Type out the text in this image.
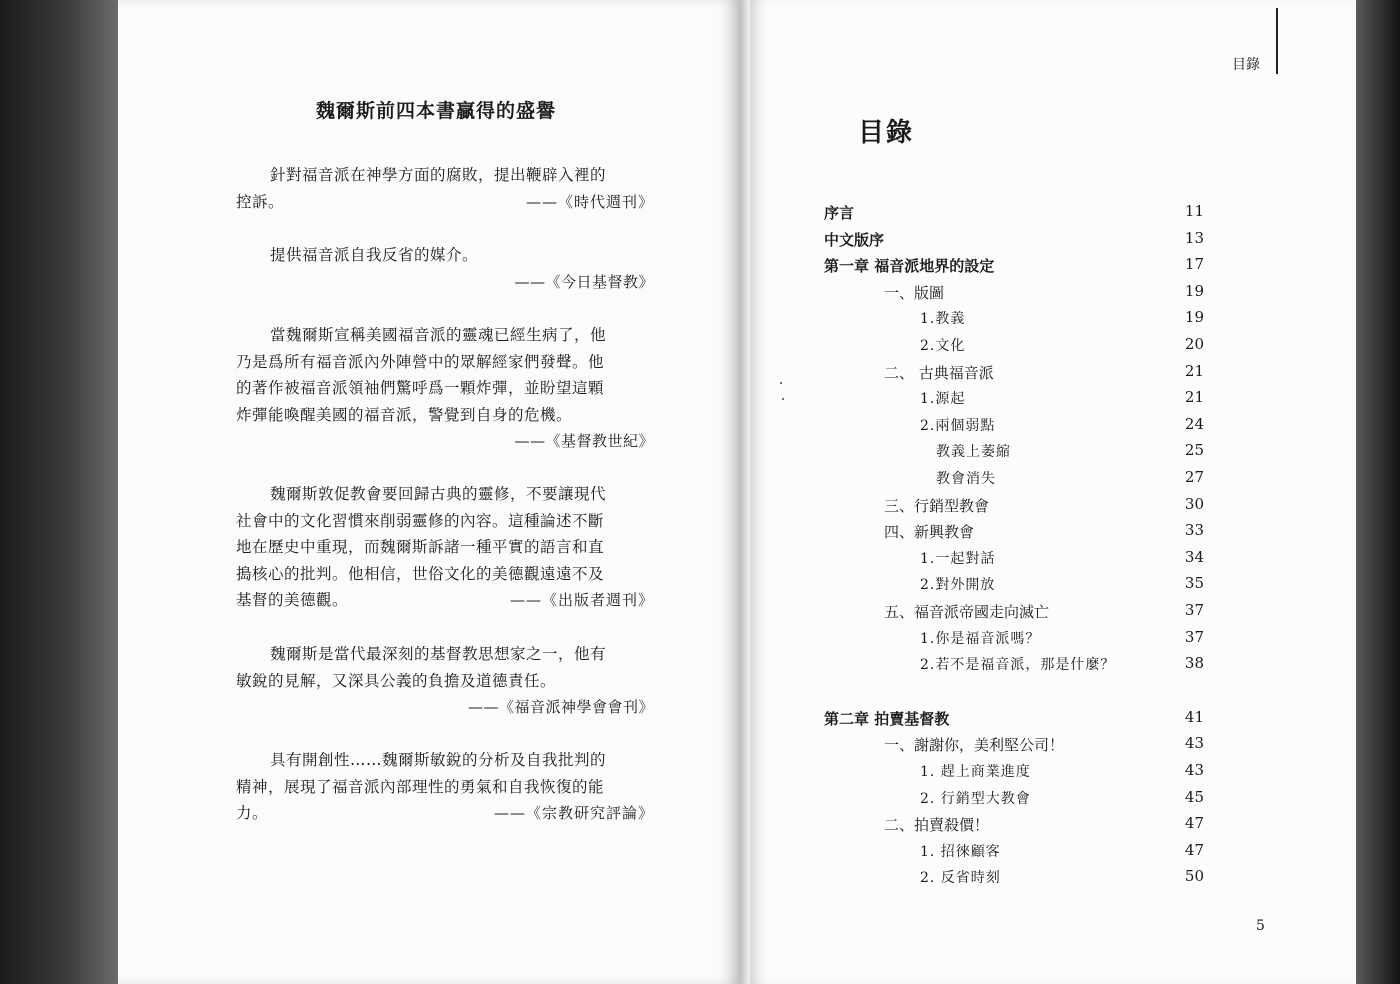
魏爾斯前四本書贏得的盛譽
針對福音派在神學方面的腐敗，提出鞭辟入裡的
控訴。	——《時代週刊》
提供福音派自我反省的媒介。
——《今日基督教》
當魏爾斯宣稱美國福音派的靈魂已經生病了，他
乃是爲所有福音派內外陣營中的眾解經家們發聲。他
的著作被福音派領袖們驚呼爲一顆炸彈，並盼望這顆
炸彈能喚醒美國的福音派，警覺到自身的危機。
——《基督教世紀》
魏爾斯敦促教會要回歸古典的靈修，不要讓現代
社會中的文化習慣來削弱靈修的內容。這種論述不斷
地在歷史中重現，而魏爾斯訴諸一種平實的語言和直
搗核心的批判。他相信，世俗文化的美德觀遠遠不及
基督的美德觀。	——《出版者週刊》
魏爾斯是當代最深刻的基督教思想家之一，他有
敏銳的見解，又深具公義的負擔及道德責任。
——《福音派神學會會刊》
具有開創性……魏爾斯敏銳的分析及自我批判的
精神，展現了福音派內部理性的勇氣和自我恢復的能
力。	——《宗教研究評論》
目錄
目錄
序言	11
中文版序	13
第一章 福音派地界的設定	17
一、版圖	19
1.教義	19
2.文化	20
二、 古典福音派	21
1.源起	21
2.兩個弱點	24
教義上萎縮	25
教會消失	27
三、行銷型教會	30
四、新興教會	33
1.一起對話	34
2.對外開放	35
五、福音派帝國走向滅亡	37
1.你是福音派嗎？	37
2.若不是福音派，那是什麼？	38
第二章 拍賣基督教	41
一、謝謝你，美利堅公司！	43
1. 趕上商業進度	43
2. 行銷型大教會	45
二、拍賣殺價！	47
1. 招徠顧客	47
2. 反省時刻	50
5
